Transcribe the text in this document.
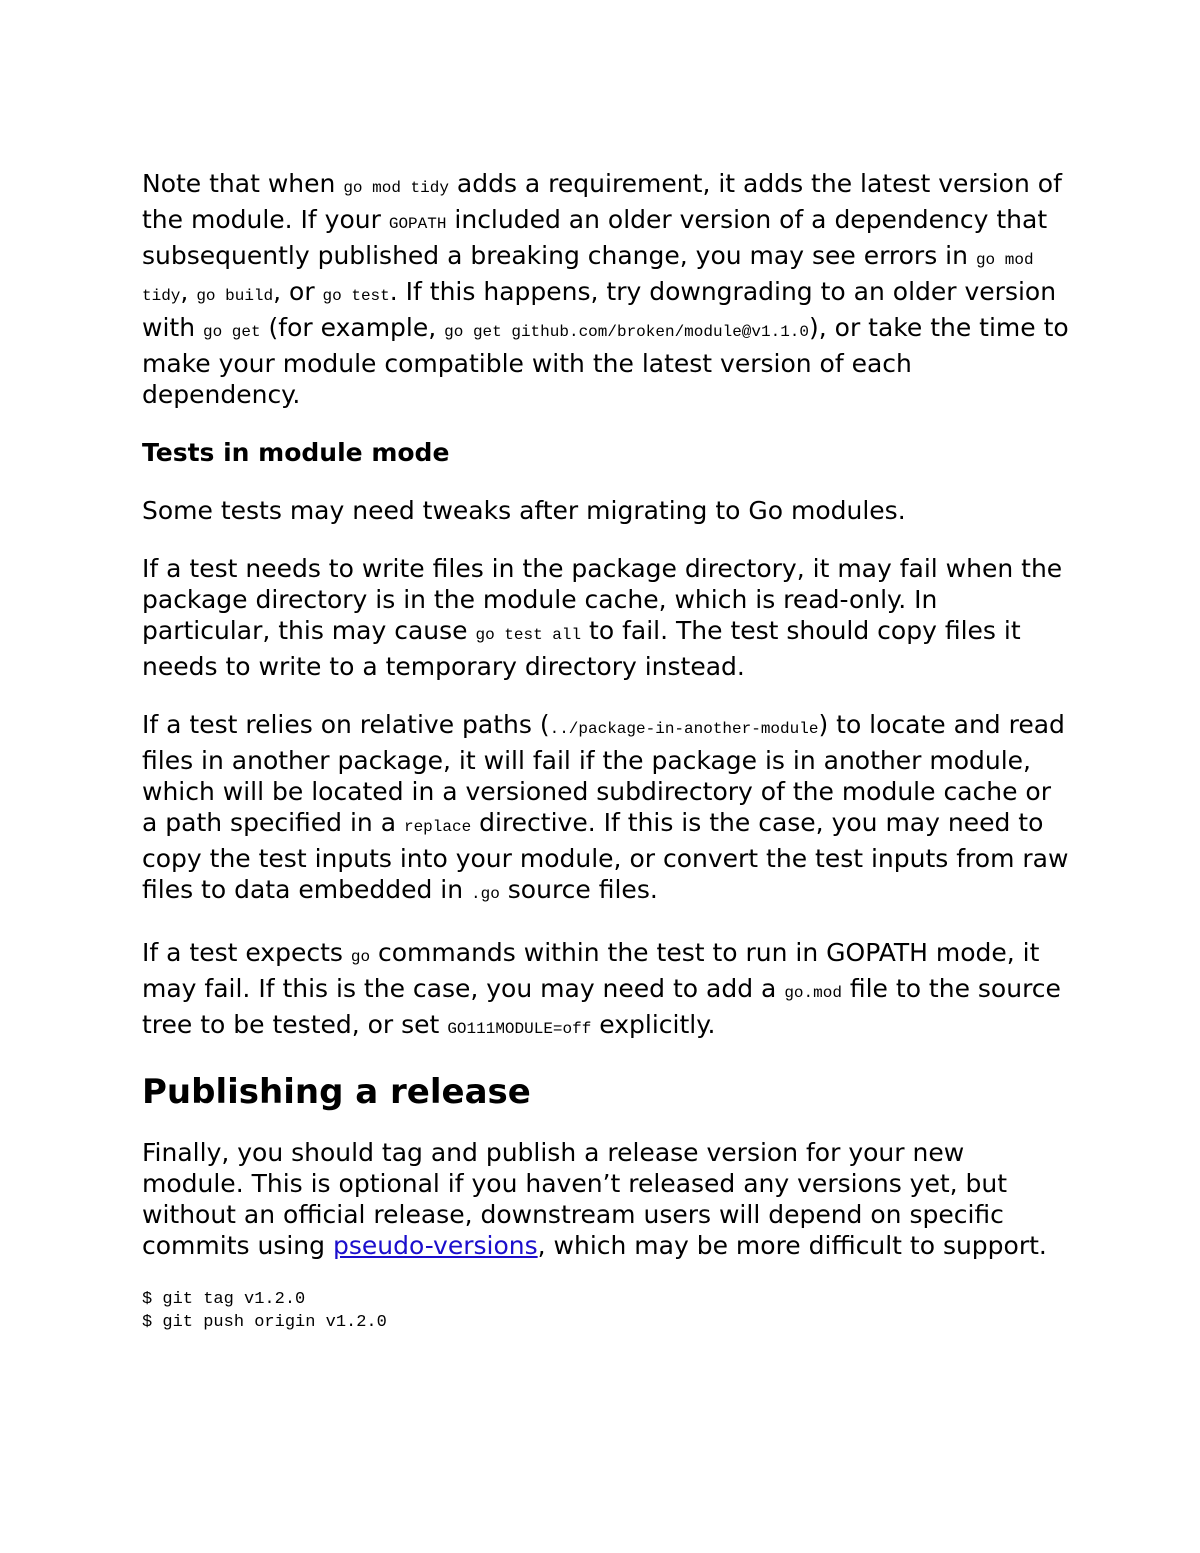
Note that when go mod tidy adds a requirement, it adds the latest version of the module. If your GOPATH included an older version of a dependency that subsequently published a breaking change, you may see errors in go mod tidy, go build, or go test. If this happens, try downgrading to an older version with go get (for example, go get github.com/broken/module@v1.1.0), or take the time to make your module compatible with the latest version of each dependency.

Tests in module mode

Some tests may need tweaks after migrating to Go modules.

If a test needs to write files in the package directory, it may fail when the package directory is in the module cache, which is read-only. In particular, this may cause go test all to fail. The test should copy files it needs to write to a temporary directory instead.

If a test relies on relative paths (../package-in-another-module) to locate and read files in another package, it will fail if the package is in another module, which will be located in a versioned subdirectory of the module cache or a path specified in a replace directive. If this is the case, you may need to copy the test inputs into your module, or convert the test inputs from raw files to data embedded in .go source files.

If a test expects go commands within the test to run in GOPATH mode, it may fail. If this is the case, you may need to add a go.mod file to the source tree to be tested, or set GO111MODULE=off explicitly.

Publishing a release

Finally, you should tag and publish a release version for your new module. This is optional if you haven’t released any versions yet, but without an official release, downstream users will depend on specific commits using pseudo-versions, which may be more difficult to support.

$ git tag v1.2.0
$ git push origin v1.2.0
